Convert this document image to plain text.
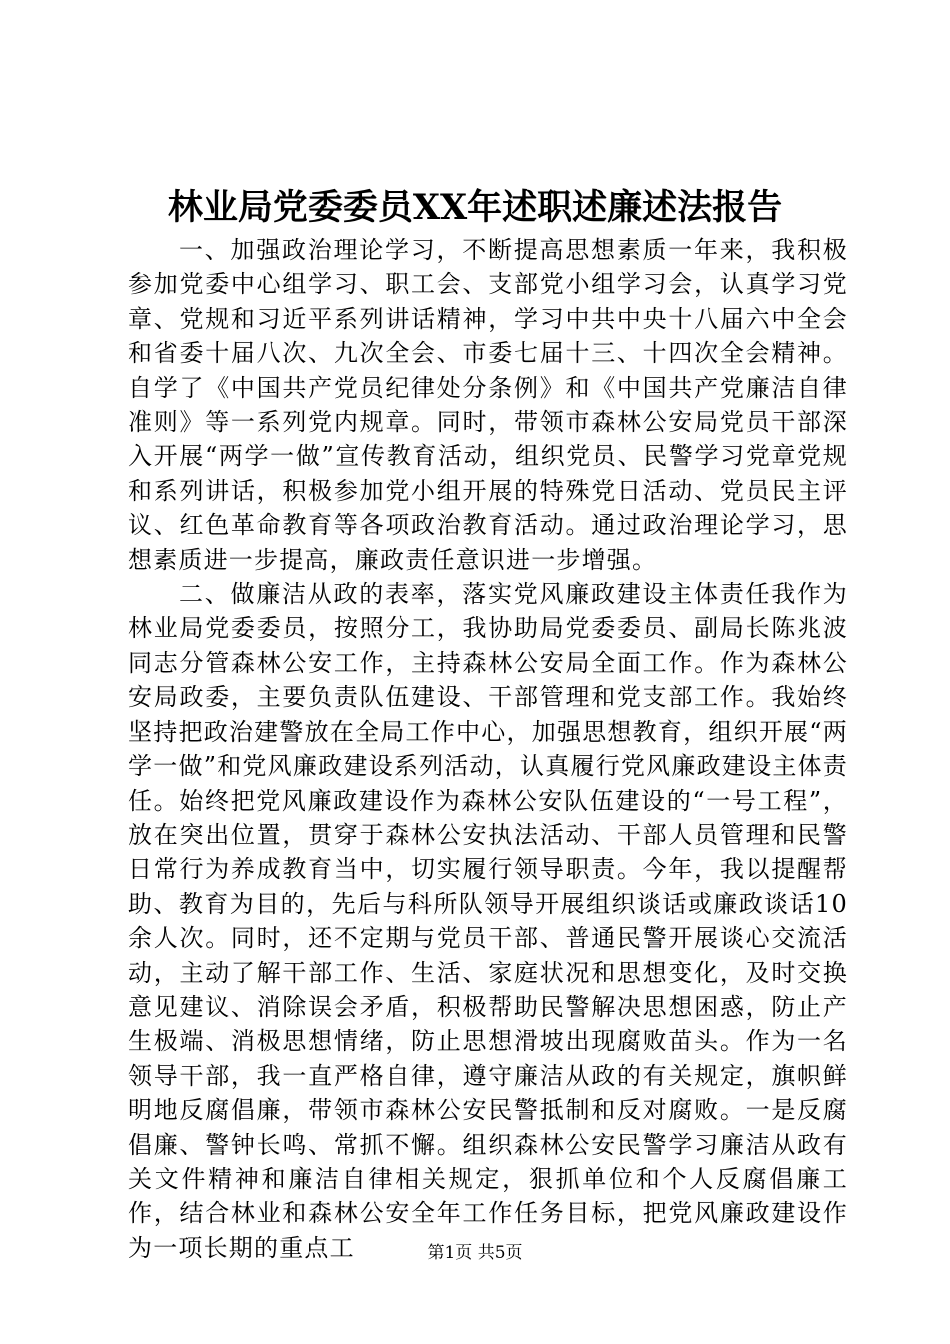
林业局党委委员XX年述职述廉述法报告

一、加强政治理论学习，不断提高思想素质一年来，我积极参加党委中心组学习、职工会、支部党小组学习会，认真学习党章、党规和习近平系列讲话精神，学习中共中央十八届六中全会和省委十届八次、九次全会、市委七届十三、十四次全会精神。自学了《中国共产党员纪律处分条例》和《中国共产党廉洁自律准则》等一系列党内规章。同时，带领市森林公安局党员干部深入开展“两学一做”宣传教育活动，组织党员、民警学习党章党规和系列讲话，积极参加党小组开展的特殊党日活动、党员民主评议、红色革命教育等各项政治教育活动。通过政治理论学习，思想素质进一步提高，廉政责任意识进一步增强。

二、做廉洁从政的表率，落实党风廉政建设主体责任我作为林业局党委委员，按照分工，我协助局党委委员、副局长陈兆波同志分管森林公安工作，主持森林公安局全面工作。作为森林公安局政委，主要负责队伍建设、干部管理和党支部工作。我始终坚持把政治建警放在全局工作中心，加强思想教育，组织开展“两学一做”和党风廉政建设系列活动，认真履行党风廉政建设主体责任。始终把党风廉政建设作为森林公安队伍建设的“一号工程”，放在突出位置，贯穿于森林公安执法活动、干部人员管理和民警日常行为养成教育当中，切实履行领导职责。今年，我以提醒帮助、教育为目的，先后与科所队领导开展组织谈话或廉政谈话10余人次。同时，还不定期与党员干部、普通民警开展谈心交流活动，主动了解干部工作、生活、家庭状况和思想变化，及时交换意见建议、消除误会矛盾，积极帮助民警解决思想困惑，防止产生极端、消极思想情绪，防止思想滑坡出现腐败苗头。作为一名领导干部，我一直严格自律，遵守廉洁从政的有关规定，旗帜鲜明地反腐倡廉，带领市森林公安民警抵制和反对腐败。一是反腐倡廉、警钟长鸣、常抓不懈。组织森林公安民警学习廉洁从政有关文件精神和廉洁自律相关规定，狠抓单位和个人反腐倡廉工作，结合林业和森林公安全年工作任务目标，把党风廉政建设作为一项长期的重点工	第1页 共5页
